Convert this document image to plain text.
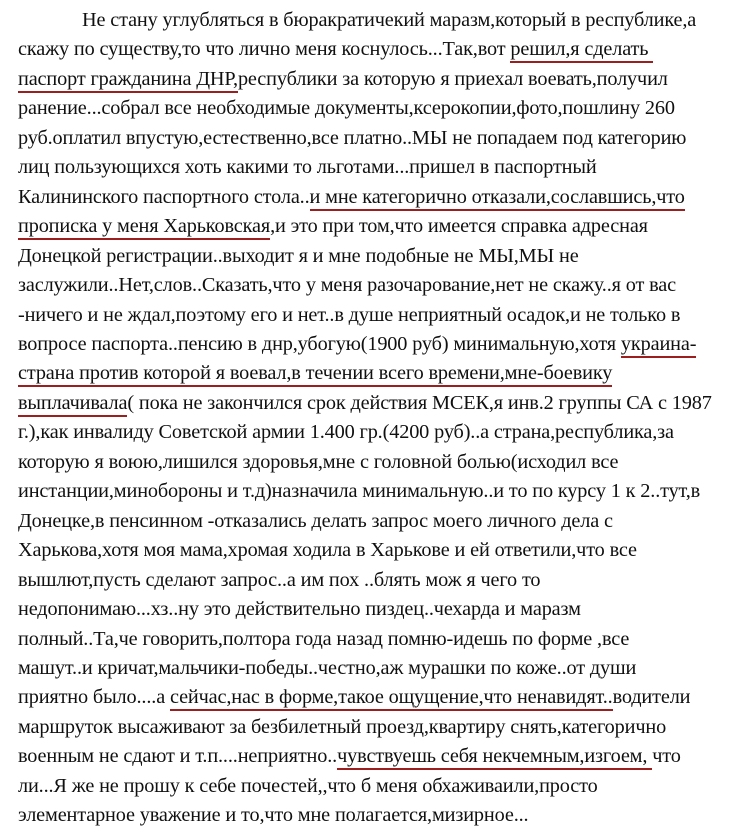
Не стану углубляться в бюракратичекий маразм,который в республике,а
скажу по существу,то что лично меня коснулось...Так,вот решил,я сделать
паспорт гражданина ДНР,республики за которую я приехал воевать,получил
ранение...собрал все необходимые документы,ксерокопии,фото,пошлину 260
руб.оплатил впустую,естественно,все платно..МЫ не попадаем под категорию
лиц пользующихся хоть какими то льготами...пришел в паспортный
Калининского паспортного стола..и мне категорично отказали,сославшись,что
прописка у меня Харьковская,и это при том,что имеется справка адресная
Донецкой регистрации..выходит я и мне подобные не МЫ,МЫ не
заслужили..Нет,слов..Сказать,что у меня разочарование,нет не скажу..я от вас
-ничего и не ждал,поэтому его и нет..в душе неприятный осадок,и не только в
вопросе паспорта..пенсию в днр,убогую(1900 руб) минимальную,хотя украина-
страна против которой я воевал,в течении всего времени,мне-боевику
выплачивала( пока не закончился срок действия МСЕК,я инв.2 группы СА с 1987
г.),как инвалиду Советской армии 1.400 гр.(4200 руб)..а страна,республика,за
которую я воюю,лишился здоровья,мне с головной болью(исходил все
инстанции,минобороны и т.д)назначила минимальную..и то по курсу 1 к 2..тут,в
Донецке,в пенсинном -отказались делать запрос моего личного дела с
Харькова,хотя моя мама,хромая ходила в Харькове и ей ответили,что все
вышлют,пусть сделают запрос..а им пох ..блять мож я чего то
недопонимаю...хз..ну это действительно пиздец..чехарда и маразм
полный..Та,че говорить,полтора года назад помню-идешь по форме ,все
машут..и кричат,мальчики-победы..честно,аж мурашки по коже..от души
приятно было....а сейчас,нас в форме,такое ощущение,что ненавидят..водители
маршруток высаживают за безбилетный проезд,квартиру снять,категорично
военным не сдают и т.п....неприятно..чувствуешь себя некчемным,изгоем, что
ли...Я же не прошу к себе почестей,,что б меня обхаживаили,просто
элементарное уважение и то,что мне полагается,мизирное...
